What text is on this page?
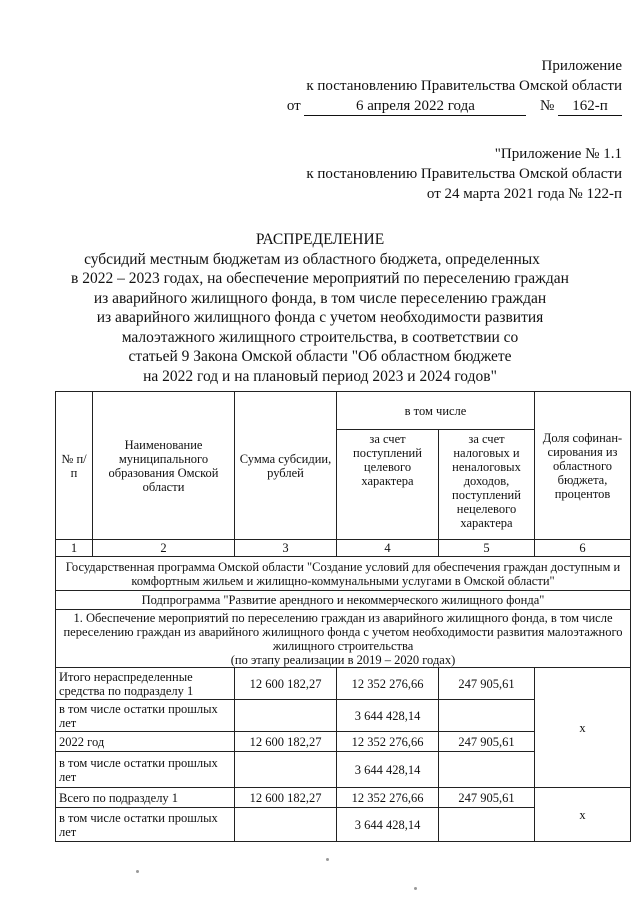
Приложение
к постановлению Правительства Омской области
от	6 апреля 2022 года	№ 162-п
"Приложение № 1.1
к постановлению Правительства Омской области
от 24 марта 2021 года № 122-п
РАСПРЕДЕЛЕНИЕ
субсидий местным бюджетам из областного бюджета, определенных
в 2022 – 2023 годах, на обеспечение мероприятий по переселению граждан
из аварийного жилищного фонда, в том числе переселению граждан
из аварийного жилищного фонда с учетом необходимости развития
малоэтажного жилищного строительства, в соответствии со
статьей 9 Закона Омской области "Об областном бюджете
на 2022 год и на плановый период 2023 и 2024 годов"
№ п/п	Наименование муниципального образования Омской области	Сумма субсидии, рублей	в том числе		Доля софинан-сирования из областного бюджета, процентов
			за счет поступлений целевого характера	за счет налоговых и неналоговых доходов, поступлений нецелевого характера	
1	2	3	4	5	6
Государственная программа Омской области "Создание условий для обеспечения граждан доступным и комфортным жильем и жилищно-коммунальными услугами в Омской области"					
Подпрограмма "Развитие арендного и некоммерческого жилищного фонда"					

1. Обеспечение мероприятий по переселению граждан из аварийного жилищного фонда, в том числе переселению граждан из аварийного жилищного фонда с учетом необходимости развития малоэтажного жилищного строительства
(по этапу реализации в 2019 – 2020 годах)					

Итого нераспределенные средства по подразделу 1		12 600 182,27	12 352 276,66	247 905,61	x
в том числе остатки прошлых лет			3 644 428,14		
2022 год		12 600 182,27	12 352 276,66	247 905,61	
в том числе остатки прошлых лет			3 644 428,14		
Всего по подразделу 1		12 600 182,27	12 352 276,66	247 905,61	x
в том числе остатки прошлых лет			3 644 428,14		
